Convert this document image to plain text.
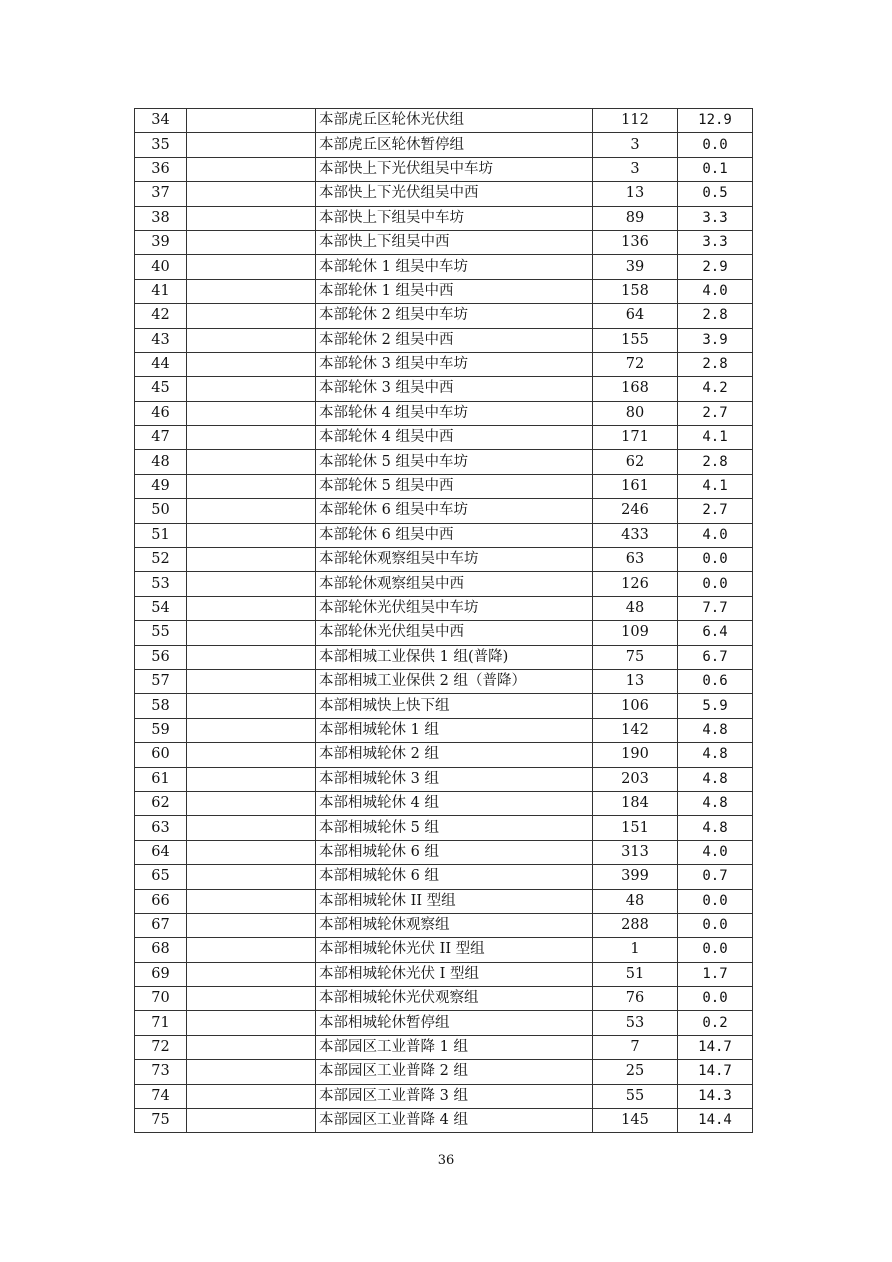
34		本部虎丘区轮休光伏组	112	12.9
35		本部虎丘区轮休暂停组	3	0.0
36		本部快上下光伏组吴中车坊	3	0.1
37		本部快上下光伏组吴中西	13	0.5
38		本部快上下组吴中车坊	89	3.3
39		本部快上下组吴中西	136	3.3
40		本部轮休 1 组吴中车坊	39	2.9
41		本部轮休 1 组吴中西	158	4.0
42		本部轮休 2 组吴中车坊	64	2.8
43		本部轮休 2 组吴中西	155	3.9
44		本部轮休 3 组吴中车坊	72	2.8
45		本部轮休 3 组吴中西	168	4.2
46		本部轮休 4 组吴中车坊	80	2.7
47		本部轮休 4 组吴中西	171	4.1
48		本部轮休 5 组吴中车坊	62	2.8
49		本部轮休 5 组吴中西	161	4.1
50		本部轮休 6 组吴中车坊	246	2.7
51		本部轮休 6 组吴中西	433	4.0
52		本部轮休观察组吴中车坊	63	0.0
53		本部轮休观察组吴中西	126	0.0
54		本部轮休光伏组吴中车坊	48	7.7
55		本部轮休光伏组吴中西	109	6.4
56		本部相城工业保供 1 组(普降)	75	6.7
57		本部相城工业保供 2 组（普降）	13	0.6
58		本部相城快上快下组	106	5.9
59		本部相城轮休 1 组	142	4.8
60		本部相城轮休 2 组	190	4.8
61		本部相城轮休 3 组	203	4.8
62		本部相城轮休 4 组	184	4.8
63		本部相城轮休 5 组	151	4.8
64		本部相城轮休 6 组	313	4.0
65		本部相城轮休 6 组	399	0.7
66		本部相城轮休 II 型组	48	0.0
67		本部相城轮休观察组	288	0.0
68		本部相城轮休光伏 II 型组	1	0.0
69		本部相城轮休光伏 I 型组	51	1.7
70		本部相城轮休光伏观察组	76	0.0
71		本部相城轮休暂停组	53	0.2
72		本部园区工业普降 1 组	7	14.7
73		本部园区工业普降 2 组	25	14.7
74		本部园区工业普降 3 组	55	14.3
75		本部园区工业普降 4 组	145	14.4
36
